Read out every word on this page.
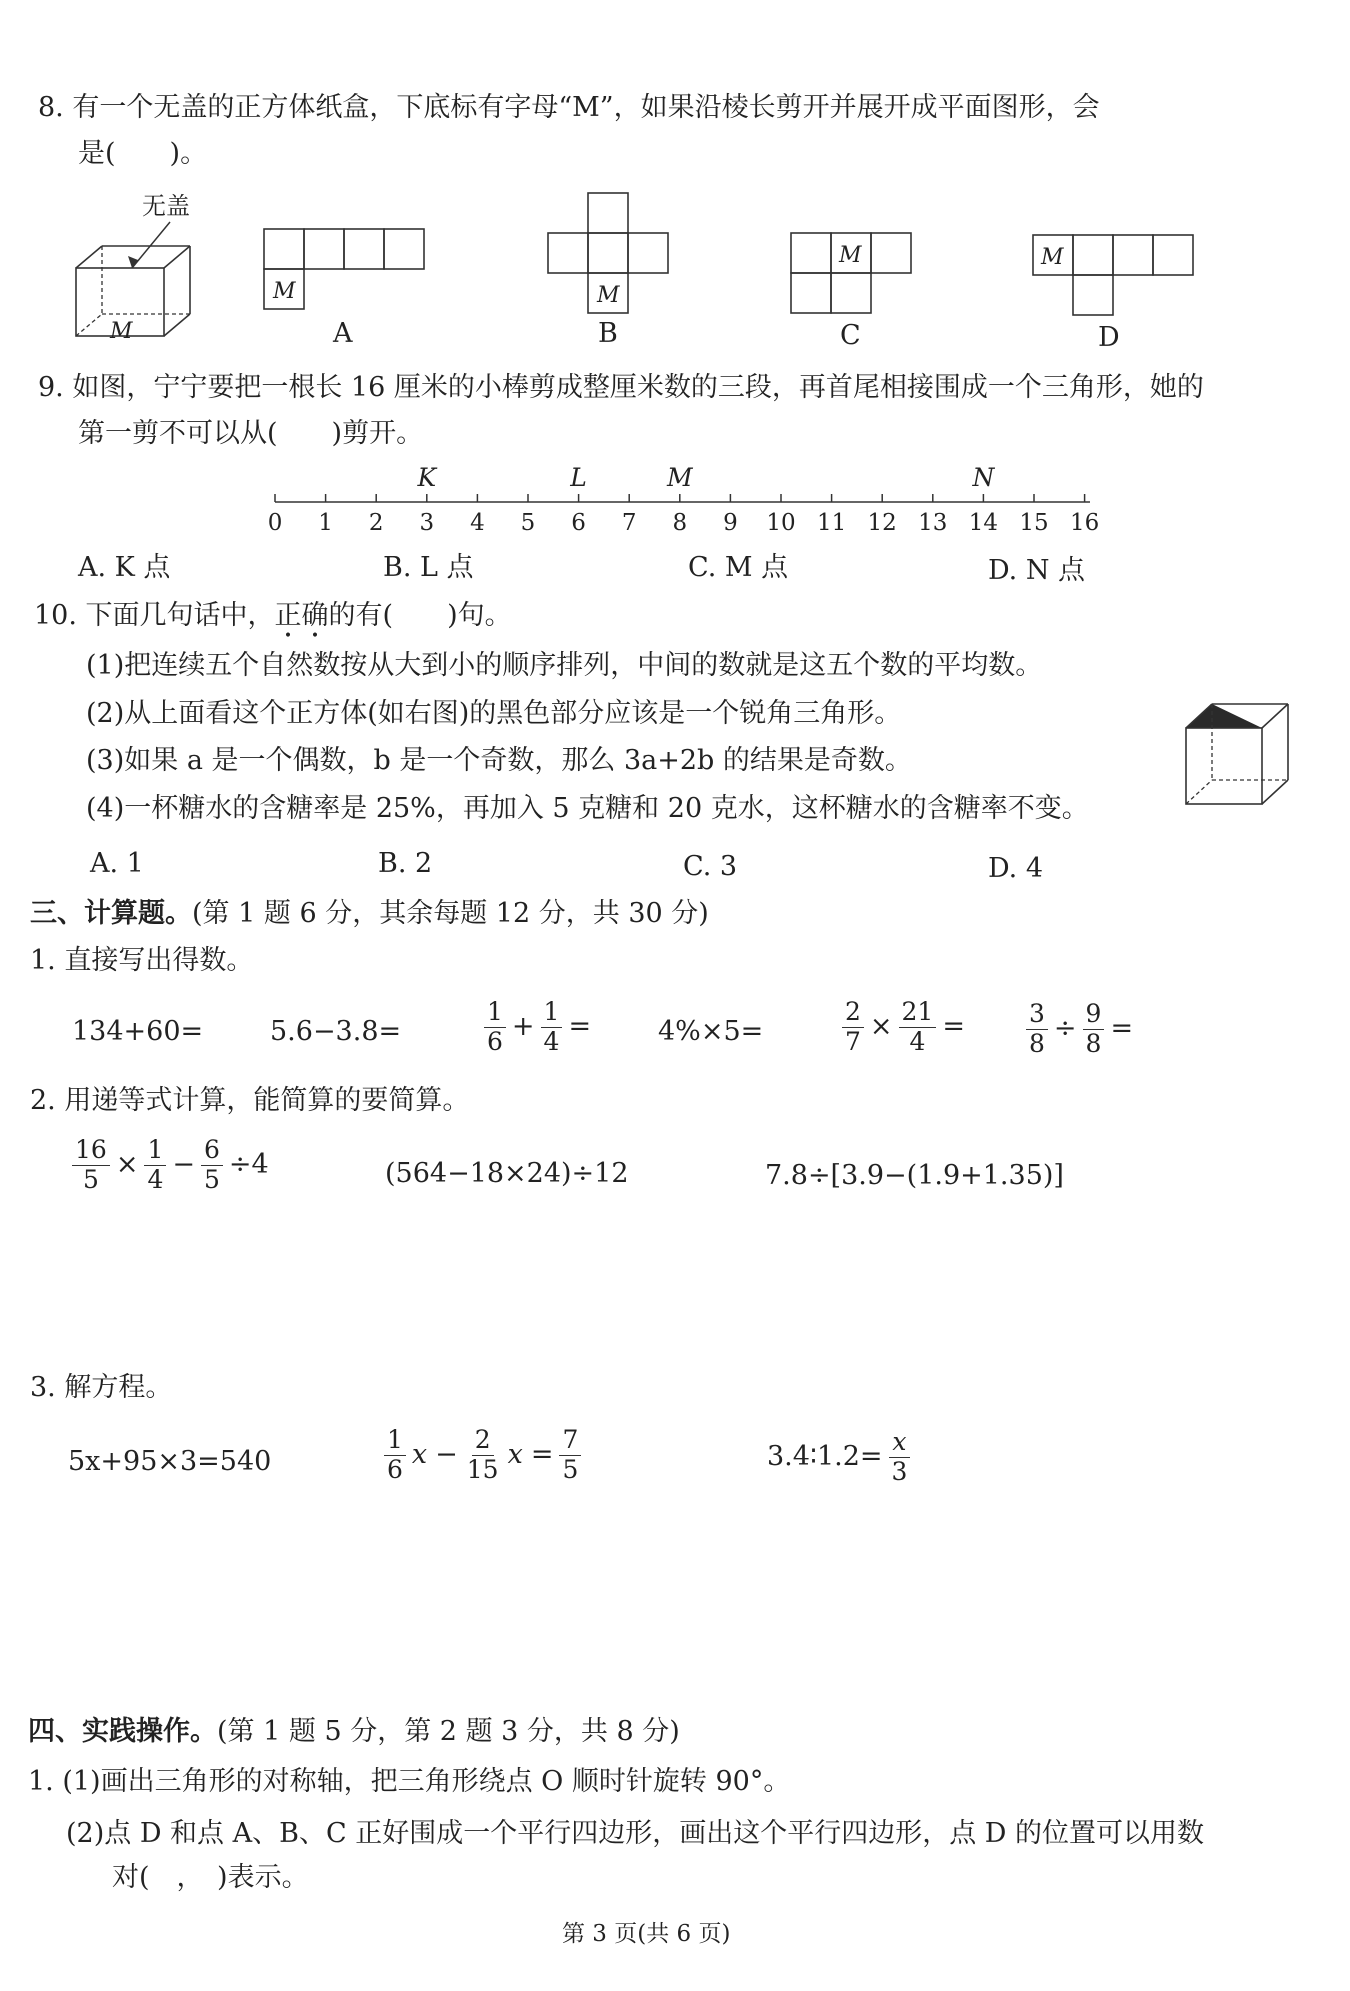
8. 有一个无盖的正方体纸盒，下底标有字母“M”，如果沿棱长剪开并展开成平面图形，会
是(　　)。
无盖
M
M
A
M
B
M
C
M
D
9. 如图，宁宁要把一根长 16 厘米的小棒剪成整厘米数的三段，再首尾相接围成一个三角形，她的
第一剪不可以从(　　)剪开。
0 1 2 3 4 5 6 7 8 9 10 11 12 13 14 15 16
K	L	M	N
A. K 点	B. L 点	C. M 点	D. N 点
10. 下面几句话中，正确的有(　　)句。
(1)把连续五个自然数按从大到小的顺序排列，中间的数就是这五个数的平均数。
(2)从上面看这个正方体(如右图)的黑色部分应该是一个锐角三角形。
(3)如果 a 是一个偶数，b 是一个奇数，那么 3a+2b 的结果是奇数。
(4)一杯糖水的含糖率是 25%，再加入 5 克糖和 20 克水，这杯糖水的含糖率不变。
A. 1	B. 2	C. 3	D. 4
三、计算题。(第 1 题 6 分，其余每题 12 分，共 30 分)
1. 直接写出得数。
134+60= 5.6−3.8=	$\frac{1}{6} + \frac{1}{4} = 4\%\times 5=$	$\frac{2}{7} \times \frac{21}{4} = \frac{3}{8} \div \frac{9}{8}$ =
2. 用递等式计算，能简算的要简算。
$\frac{16}{5} \times \frac{1}{4} - \frac{6}{5} \div 4$	(564−18×24)÷12	7.8÷[3.9−(1.9+1.35)]
3. 解方程。
5x+95×3=540	$\frac{1}{6}$ $x - \frac{2}{15}$ $x = \frac{7}{5}$	3.4∶1.2= $\frac{x}{3}$
四、实践操作。(第 1 题 5 分，第 2 题 3 分，共 8 分)
1. (1)画出三角形的对称轴，把三角形绕点 O 顺时针旋转 90°。
(2)点 D 和点 A、B、C 正好围成一个平行四边形，画出这个平行四边形，点 D 的位置可以用数
对(　，　)表示。
第 3 页(共 6 页)
